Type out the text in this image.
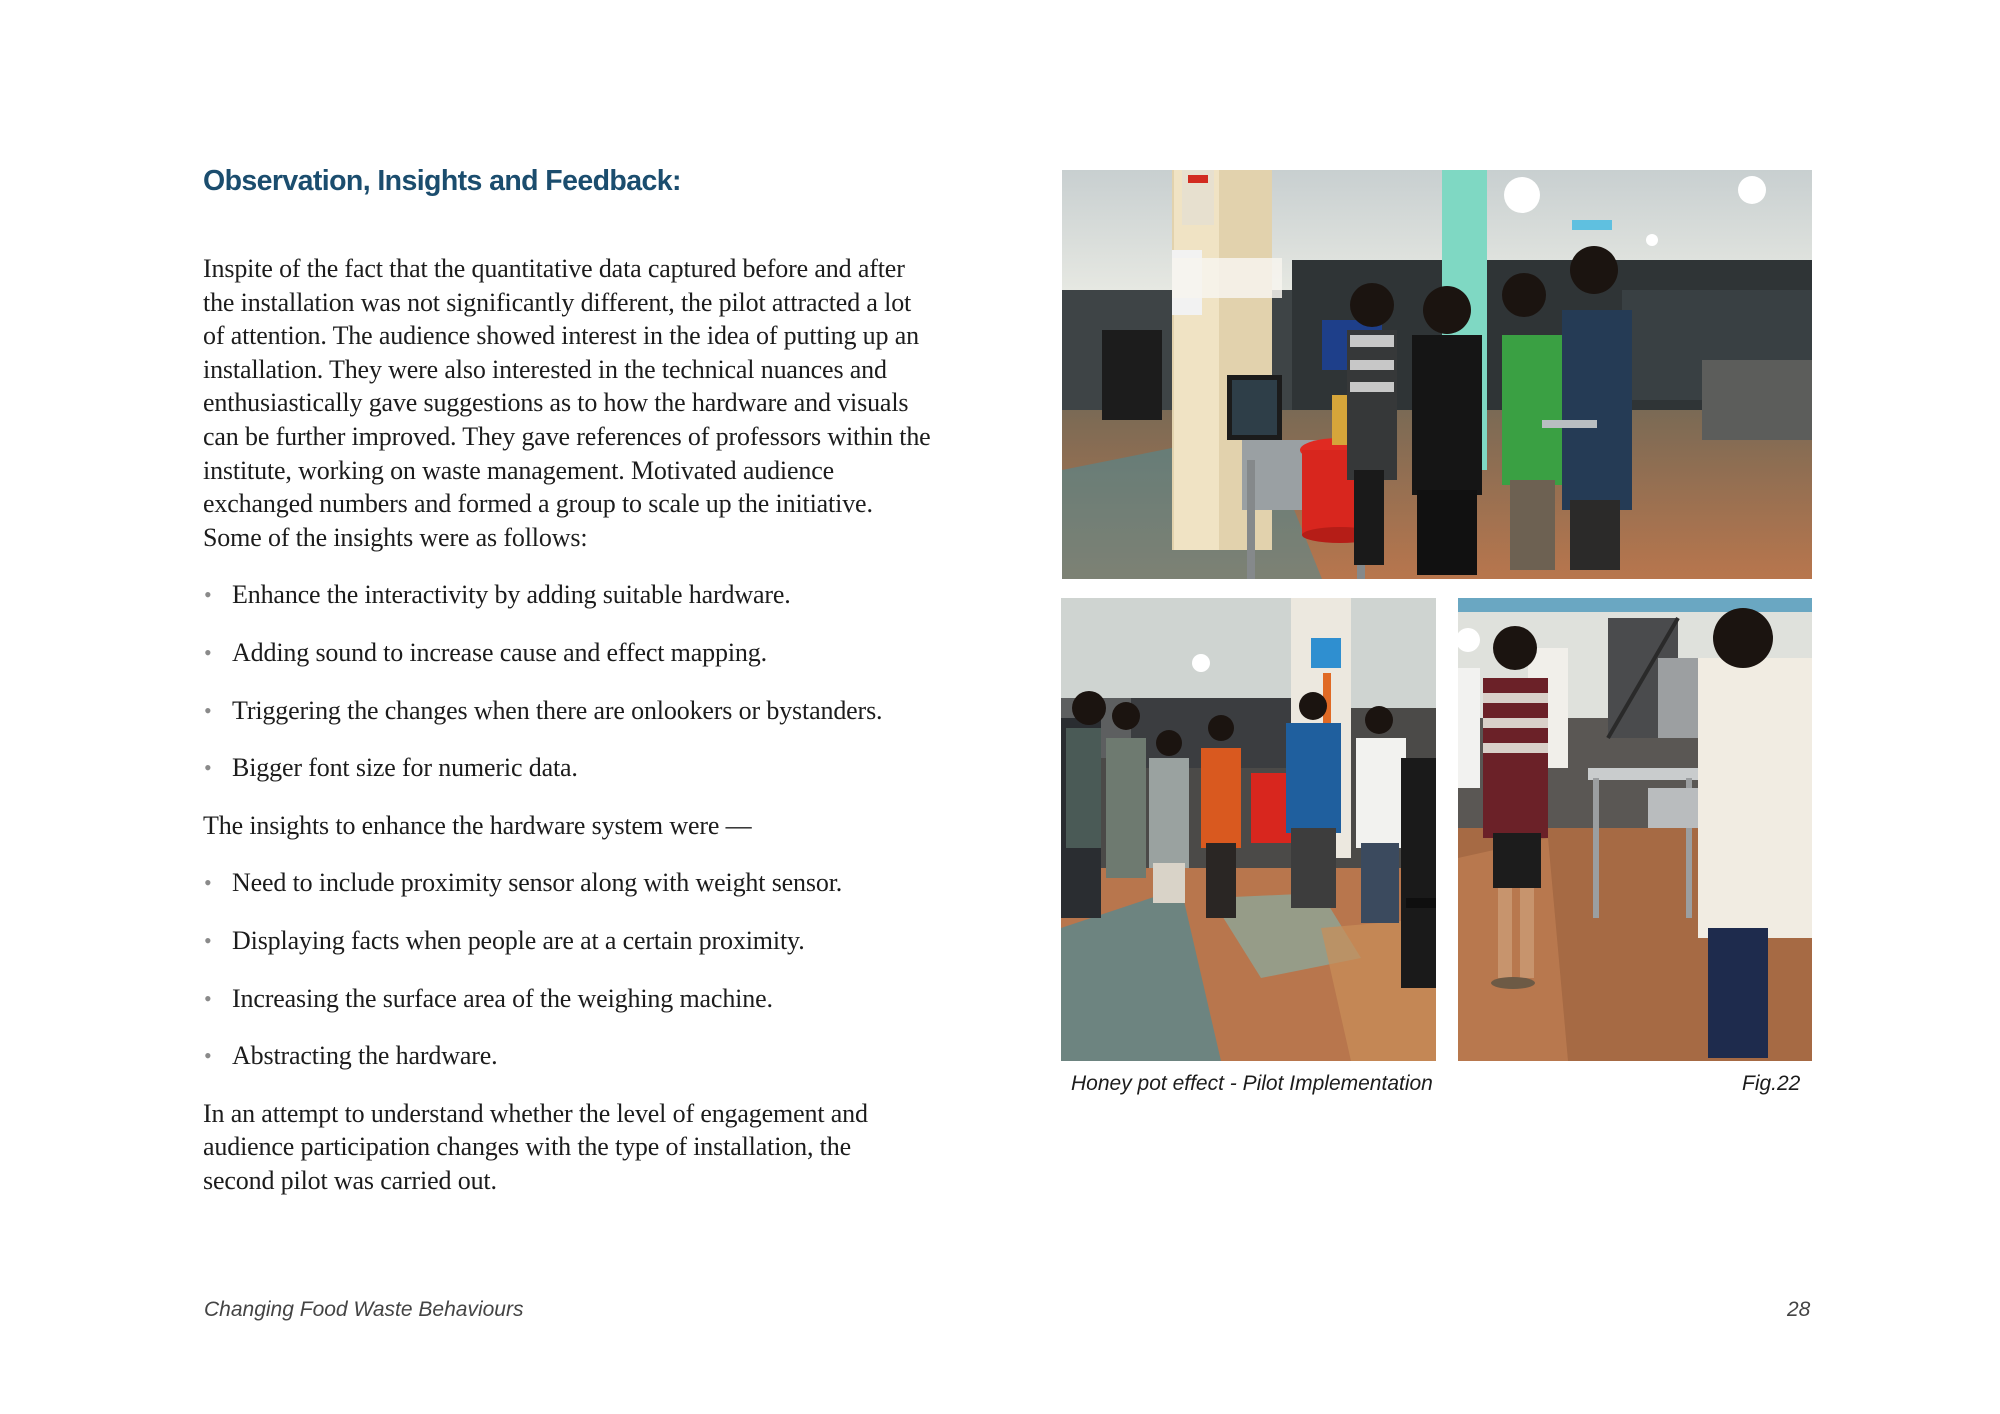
Observation, Insights and Feedback:

Inspite of the fact that the quantitative data captured before and after
the installation was not significantly different, the pilot attracted a lot
of attention. The audience showed interest in the idea of putting up an
installation. They were also interested in the technical nuances and
enthusiastically gave suggestions as to how the hardware and visuals
can be further improved. They gave references of professors within the
institute, working on waste management. Motivated audience
exchanged numbers and formed a group to scale up the initiative.
Some of the insights were as follows:

• Enhance the interactivity by adding suitable hardware.
• Adding sound to increase cause and effect mapping.
• Triggering the changes when there are onlookers or bystanders.
• Bigger font size for numeric data.

The insights to enhance the hardware system were —

• Need to include proximity sensor along with weight sensor.
• Displaying facts when people are at a certain proximity.
• Increasing the surface area of the weighing machine.
• Abstracting the hardware.

In an attempt to understand whether the level of engagement and
audience participation changes with the type of installation, the
second pilot was carried out.

Honey pot effect - Pilot Implementation	Fig.22
Changing Food Waste Behaviours	28
